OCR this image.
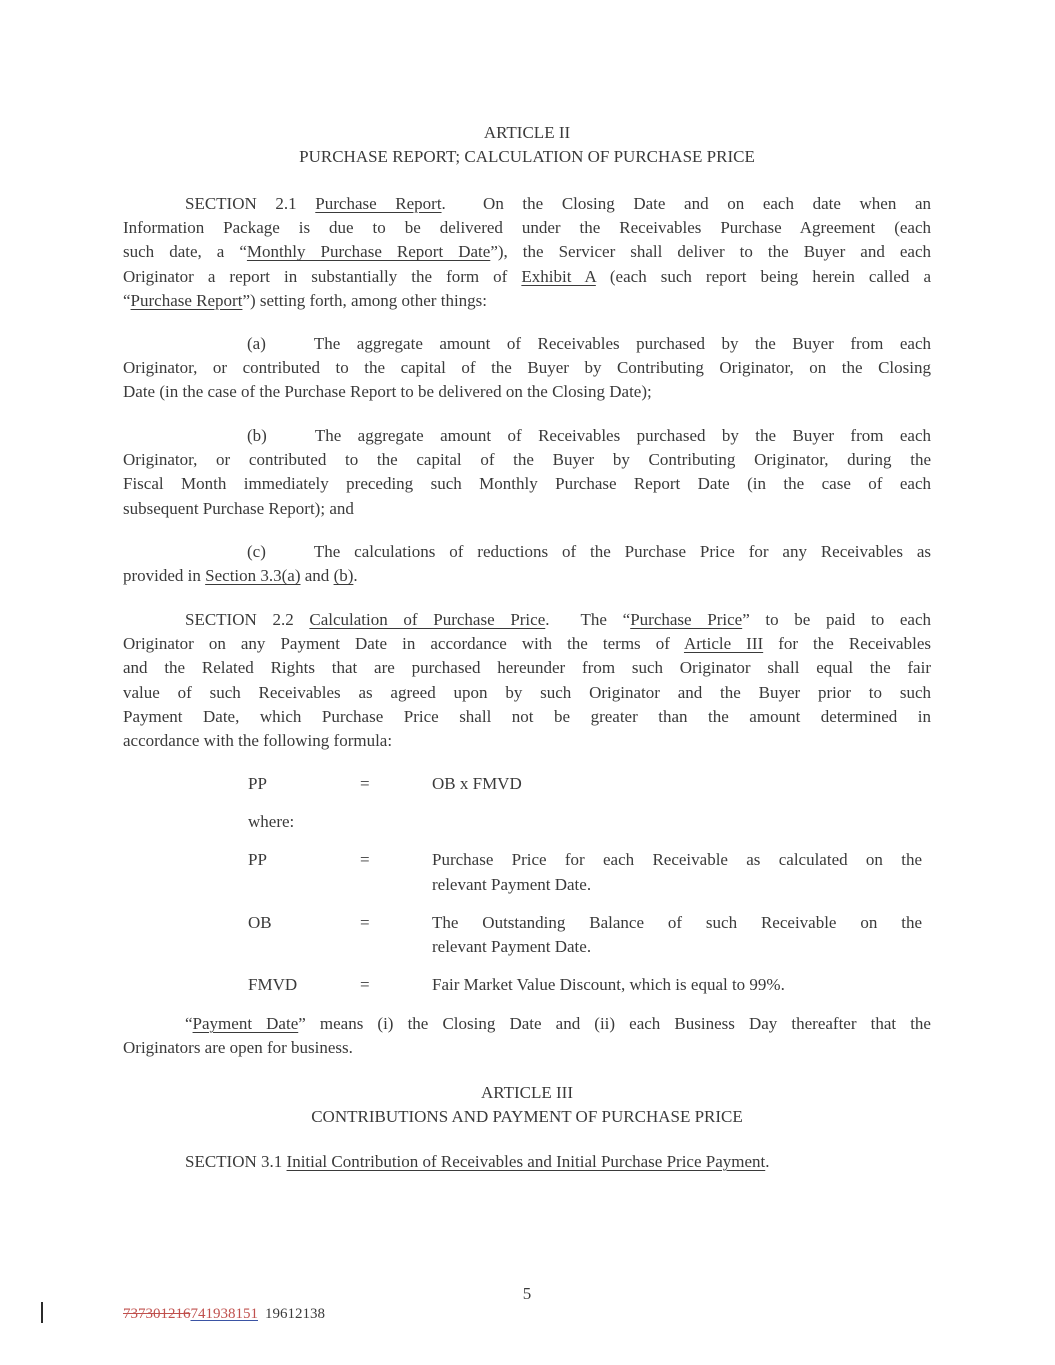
ARTICLE II
PURCHASE REPORT; CALCULATION OF PURCHASE PRICE
SECTION 2.1 Purchase Report.  On the Closing Date and on each date when an
Information Package is due to be delivered under the Receivables Purchase Agreement (each
such date, a “Monthly Purchase Report Date”), the Servicer shall deliver to the Buyer and each
Originator a report in substantially the form of Exhibit A (each such report being herein called a
“Purchase Report”) setting forth, among other things:
(a)	The aggregate amount of Receivables purchased by the Buyer from each
Originator, or contributed to the capital of the Buyer by Contributing Originator, on the Closing
Date (in the case of the Purchase Report to be delivered on the Closing Date);
(b)	The aggregate amount of Receivables purchased by the Buyer from each
Originator, or contributed to the capital of the Buyer by Contributing Originator, during the
Fiscal Month immediately preceding such Monthly Purchase Report Date (in the case of each
subsequent Purchase Report); and
(c)	The calculations of reductions of the Purchase Price for any Receivables as
provided in Section 3.3(a) and (b).
SECTION 2.2 Calculation of Purchase Price.  The “Purchase Price” to be paid to each
Originator on any Payment Date in accordance with the terms of Article III for the Receivables
and the Related Rights that are purchased hereunder from such Originator shall equal the fair
value of such Receivables as agreed upon by such Originator and the Buyer prior to such
Payment Date, which Purchase Price shall not be greater than the amount determined in
accordance with the following formula:
PP	=	OB x FMVD
where:
PP	=	Purchase Price for each Receivable as calculated on the
relevant Payment Date.
OB	=	The Outstanding Balance of such Receivable on the
relevant Payment Date.
FMVD	=	Fair Market Value Discount, which is equal to 99%.
“Payment Date” means (i) the Closing Date and (ii) each Business Day thereafter that the
Originators are open for business.
ARTICLE III
CONTRIBUTIONS AND PAYMENT OF PURCHASE PRICE
SECTION 3.1 Initial Contribution of Receivables and Initial Purchase Price Payment.
5
737301216741938151 19612138
